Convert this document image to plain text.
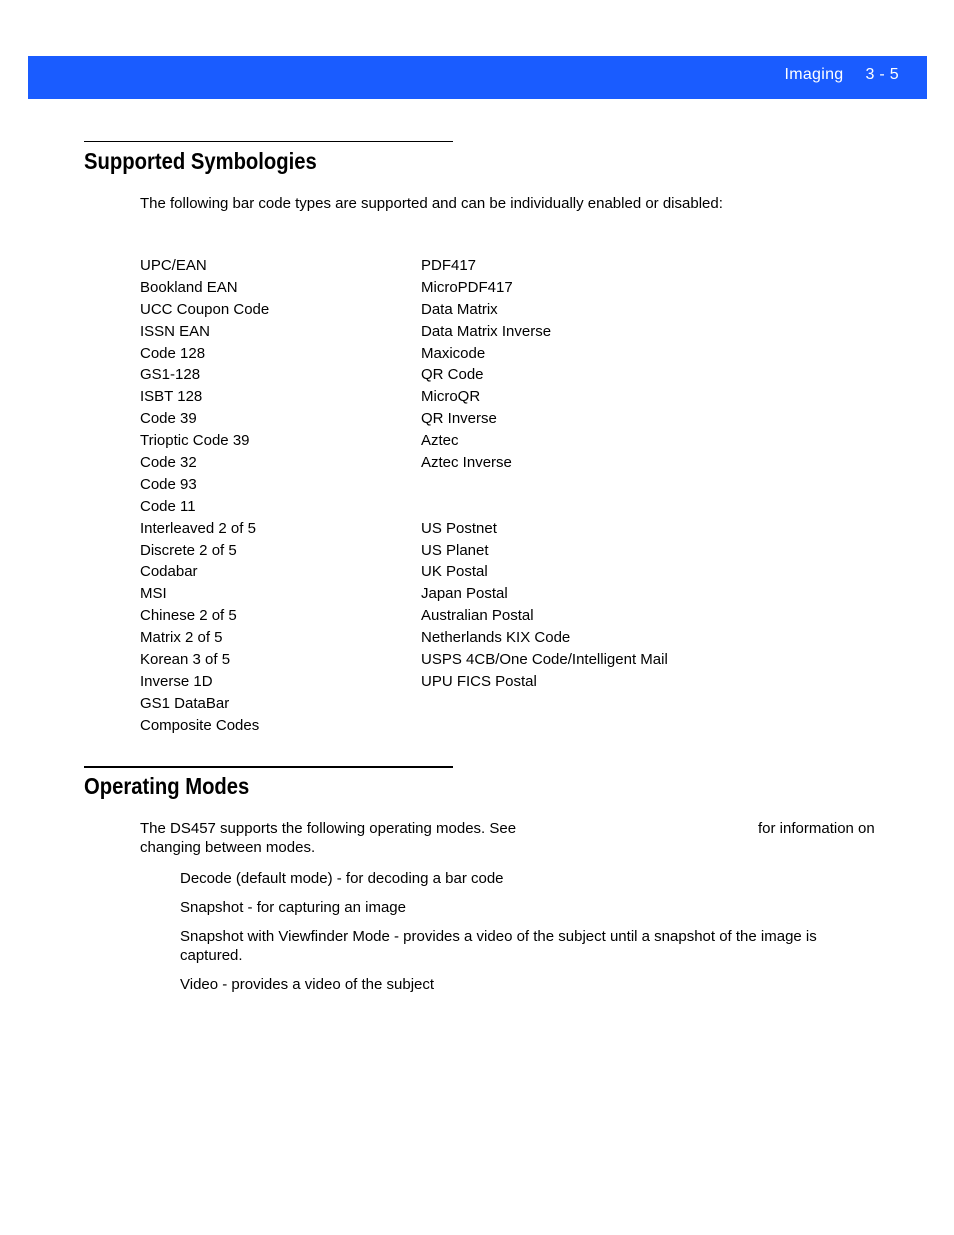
Imaging 3 - 5
Supported Symbologies

The following bar code types are supported and can be individually enabled or disabled:

UPC/EAN
Bookland EAN
UCC Coupon Code
ISSN EAN
Code 128
GS1-128
ISBT 128
Code 39
Trioptic Code 39
Code 32
Code 93
Code 11
Interleaved 2 of 5
Discrete 2 of 5
Codabar
MSI
Chinese 2 of 5
Matrix 2 of 5
Korean 3 of 5
Inverse 1D
GS1 DataBar
Composite Codes
PDF417
MicroPDF417
Data Matrix
Data Matrix Inverse
Maxicode
QR Code
MicroQR
QR Inverse
Aztec
Aztec Inverse
US Postnet
US Planet
UK Postal
Japan Postal
Australian Postal
Netherlands KIX Code
USPS 4CB/One Code/Intelligent Mail
UPU FICS Postal
Operating Modes

The DS457 supports the following operating modes. See	for information on

changing between modes.

Decode (default mode) - for decoding a bar code
Snapshot - for capturing an image
Snapshot with Viewfinder Mode - provides a video of the subject until a snapshot of the image is captured.
Video - provides a video of the subject
